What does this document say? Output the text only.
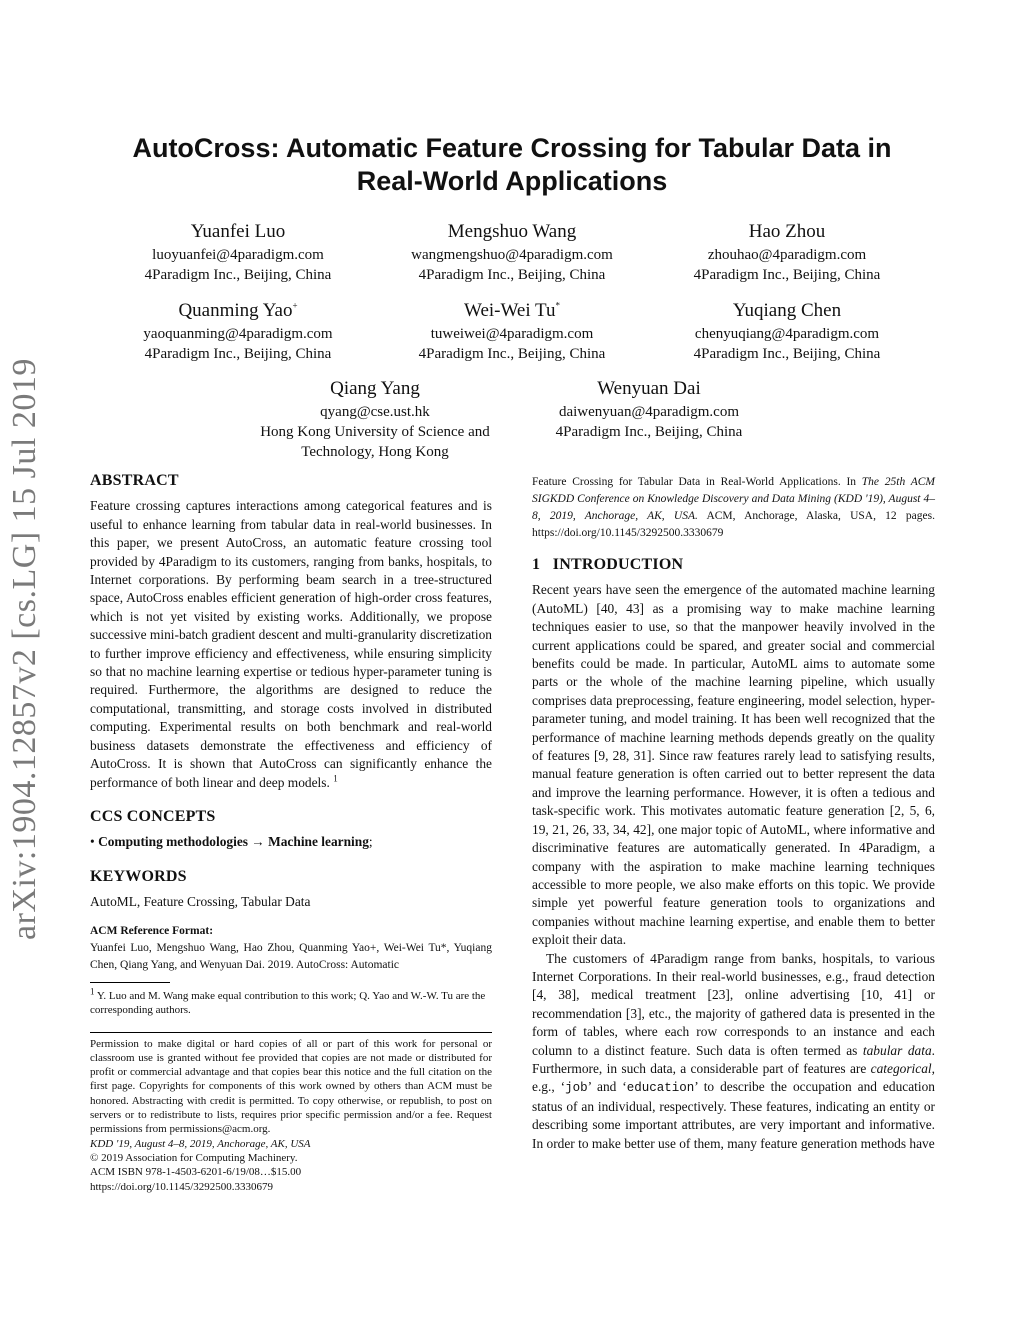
arXiv:1904.12857v2 [cs.LG] 15 Jul 2019
AutoCross: Automatic Feature Crossing for Tabular Data in
Real-World Applications
Yuanfei Luo
luoyuanfei@4paradigm.com
4Paradigm Inc., Beijing, China
Mengshuo Wang
wangmengshuo@4paradigm.com
4Paradigm Inc., Beijing, China
Hao Zhou
zhouhao@4paradigm.com
4Paradigm Inc., Beijing, China
Quanming Yao+
yaoquanming@4paradigm.com
4Paradigm Inc., Beijing, China
Wei-Wei Tu*
tuweiwei@4paradigm.com
4Paradigm Inc., Beijing, China
Yuqiang Chen
chenyuqiang@4paradigm.com
4Paradigm Inc., Beijing, China
Qiang Yang
qyang@cse.ust.hk
Hong Kong University of Science and
Technology, Hong Kong
Wenyuan Dai
daiwenyuan@4paradigm.com
4Paradigm Inc., Beijing, China
ABSTRACT

Feature crossing captures interactions among categorical features and is useful to enhance learning from tabular data in real-world businesses. In this paper, we present AutoCross, an automatic feature crossing tool provided by 4Paradigm to its customers, ranging from banks, hospitals, to Internet corporations. By performing beam search in a tree-structured space, AutoCross enables efficient generation of high-order cross features, which is not yet visited by existing works. Additionally, we propose successive mini-batch gradient descent and multi-granularity discretization to further improve efficiency and effectiveness, while ensuring simplicity so that no machine learning expertise or tedious hyper-parameter tuning is required. Furthermore, the algorithms are designed to reduce the computational, transmitting, and storage costs involved in distributed computing. Experimental results on both benchmark and real-world business datasets demonstrate the effectiveness and efficiency of AutoCross. It is shown that AutoCross can significantly enhance the performance of both linear and deep models. $^1$

CCS CONCEPTS

• Computing methodologies → Machine learning;

KEYWORDS

AutoML, Feature Crossing, Tabular Data

ACM Reference Format:

Yuanfei Luo, Mengshuo Wang, Hao Zhou, Quanming Yao+, Wei-Wei Tu*, Yuqiang Chen, Qiang Yang, and Wenyuan Dai. 2019. AutoCross: Automatic

$^1$ Y. Luo and M. Wang make equal contribution to this work; Q. Yao and W.-W. Tu are the corresponding authors.

Permission to make digital or hard copies of all or part of this work for personal or classroom use is granted without fee provided that copies are not made or distributed for profit or commercial advantage and that copies bear this notice and the full citation on the first page. Copyrights for components of this work owned by others than ACM must be honored. Abstracting with credit is permitted. To copy otherwise, or republish, to post on servers or to redistribute to lists, requires prior specific permission and/or a fee. Request permissions from permissions@acm.org.

KDD '19, August 4–8, 2019, Anchorage, AK, USA

© 2019 Association for Computing Machinery.

ACM ISBN 978-1-4503-6201-6/19/08…$15.00

https://doi.org/10.1145/3292500.3330679

Feature Crossing for Tabular Data in Real-World Applications. In The 25th ACM SIGKDD Conference on Knowledge Discovery and Data Mining (KDD '19), August 4–8, 2019, Anchorage, AK, USA. ACM, Anchorage, Alaska, USA, 12 pages. https://doi.org/10.1145/3292500.3330679

1   INTRODUCTION

Recent years have seen the emergence of the automated machine learning (AutoML) [40, 43] as a promising way to make machine learning techniques easier to use, so that the manpower heavily involved in the current applications could be spared, and greater social and commercial benefits could be made. In particular, AutoML aims to automate some parts or the whole of the machine learning pipeline, which usually comprises data preprocessing, feature engineering, model selection, hyper-parameter tuning, and model training. It has been well recognized that the performance of machine learning methods depends greatly on the quality of features [9, 28, 31]. Since raw features rarely lead to satisfying results, manual feature generation is often carried out to better represent the data and improve the learning performance. However, it is often a tedious and task-specific work. This motivates automatic feature generation [2, 5, 6, 19, 21, 26, 33, 34, 42], one major topic of AutoML, where informative and discriminative features are automatically generated. In 4Paradigm, a company with the aspiration to make machine learning techniques accessible to more people, we also make efforts on this topic. We provide simple yet powerful feature generation tools to organizations and companies without machine learning expertise, and enable them to better exploit their data.

The customers of 4Paradigm range from banks, hospitals, to various Internet Corporations. In their real-world businesses, e.g., fraud detection [4, 38], medical treatment [23], online advertising [10, 41] or recommendation [3], etc., the majority of gathered data is presented in the form of tables, where each row corresponds to an instance and each column to a distinct feature. Such data is often termed as tabular data. Furthermore, in such data, a considerable part of features are categorical, e.g., ‘job’ and ‘education’ to describe the occupation and education status of an individual, respectively. These features, indicating an entity or describing some important attributes, are very important and informative. In order to make better use of them, many feature generation methods have
